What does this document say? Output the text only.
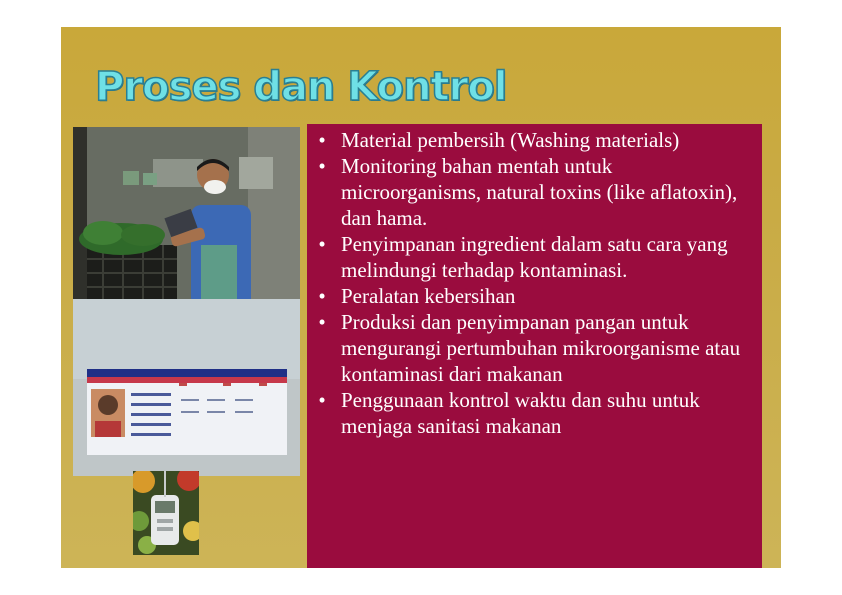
Proses dan Kontrol
• Material pembersih (Washing materials)
• Monitoring bahan mentah untuk microorganisms, natural toxins (like aflatoxin), dan hama.
• Penyimpanan ingredient dalam satu cara yang melindungi terhadap kontaminasi.
• Peralatan kebersihan
• Produksi dan penyimpanan pangan untuk mengurangi pertumbuhan mikroorganisme atau kontaminasi dari makanan
• Penggunaan kontrol waktu dan suhu untuk menjaga sanitasi makanan
